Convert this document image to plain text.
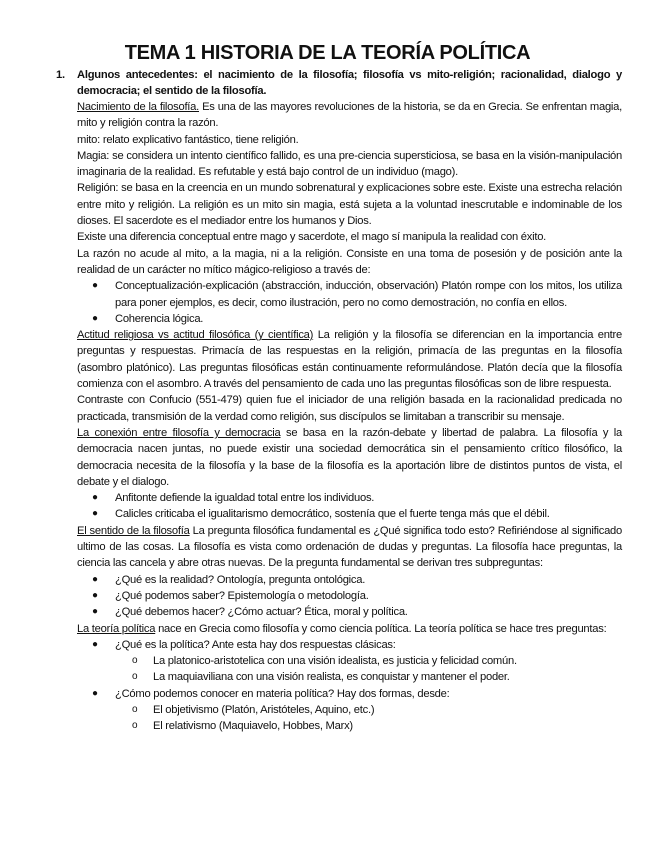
TEMA 1 HISTORIA DE LA TEORÍA POLÍTICA
1. Algunos antecedentes: el nacimiento de la filosofía; filosofía vs mito-religión; racionalidad, dialogo y democracia; el sentido de la filosofía.

Nacimiento de la filosofía. Es una de las mayores revoluciones de la historia, se da en Grecia. Se enfrentan magia, mito y religión contra la razón.

mito: relato explicativo fantástico, tiene religión.

Magia: se considera un intento científico fallido, es una pre-ciencia supersticiosa, se basa en la visión-manipulación imaginaria de la realidad. Es refutable y está bajo control de un individuo (mago).

Religión: se basa en la creencia en un mundo sobrenatural y explicaciones sobre este. Existe una estrecha relación entre mito y religión. La religión es un mito sin magia, está sujeta a la voluntad inescrutable e indominable de los dioses. El sacerdote es el mediador entre los humanos y Dios.

Existe una diferencia conceptual entre mago y sacerdote, el mago sí manipula la realidad con éxito.

La razón no acude al mito, a la magia, ni a la religión. Consiste en una toma de posesión y de posición ante la realidad de un carácter no mítico mágico-religioso a través de:

● Conceptualización-explicación (abstracción, inducción, observación) Platón rompe con los mitos, los utiliza para poner ejemplos, es decir, como ilustración, pero no como demostración, no confía en ellos.
● Coherencia lógica.

Actitud religiosa vs actitud filosófica (y científica) La religión y la filosofía se diferencian en la importancia entre preguntas y respuestas. Primacía de las respuestas en la religión, primacía de las preguntas en la filosofía (asombro platónico). Las preguntas filosóficas están continuamente reformulándose. Platón decía que la filosofía comienza con el asombro. A través del pensamiento de cada uno las preguntas filosóficas son de libre respuesta.

Contraste con Confucio (551-479) quien fue el iniciador de una religión basada en la racionalidad predicada no practicada, transmisión de la verdad como religión, sus discípulos se limitaban a transcribir su mensaje.

La conexión entre filosofía y democracia se basa en la razón-debate y libertad de palabra. La filosofía y la democracia nacen juntas, no puede existir una sociedad democrática sin el pensamiento crítico filosófico, la democracia necesita de la filosofía y la base de la filosofía es la aportación libre de distintos puntos de vista, el debate y el dialogo.

● Anfitonte defiende la igualdad total entre los individuos.
● Calicles criticaba el igualitarismo democrático, sostenía que el fuerte tenga más que el débil.

El sentido de la filosofía La pregunta filosófica fundamental es ¿Qué significa todo esto? Refiriéndose al significado ultimo de las cosas. La filosofía es vista como ordenación de dudas y preguntas. La filosofía hace preguntas, la ciencia las cancela y abre otras nuevas. De la pregunta fundamental se derivan tres subpreguntas:

● ¿Qué es la realidad? Ontología, pregunta ontológica.
● ¿Qué podemos saber? Epistemología o metodología.
● ¿Qué debemos hacer? ¿Cómo actuar? Ética, moral y política.

La teoría política nace en Grecia como filosofía y como ciencia política. La teoría política se hace tres preguntas:

● ¿Qué es la política? Ante esta hay dos respuestas clásicas:
o La platonico-aristotelica con una visión idealista, es justicia y felicidad común.
o La maquiaviliana con una visión realista, es conquistar y mantener el poder.
● ¿Cómo podemos conocer en materia política? Hay dos formas, desde:
o El objetivismo (Platón, Aristóteles, Aquino, etc.)
o El relativismo (Maquiavelo, Hobbes, Marx)
